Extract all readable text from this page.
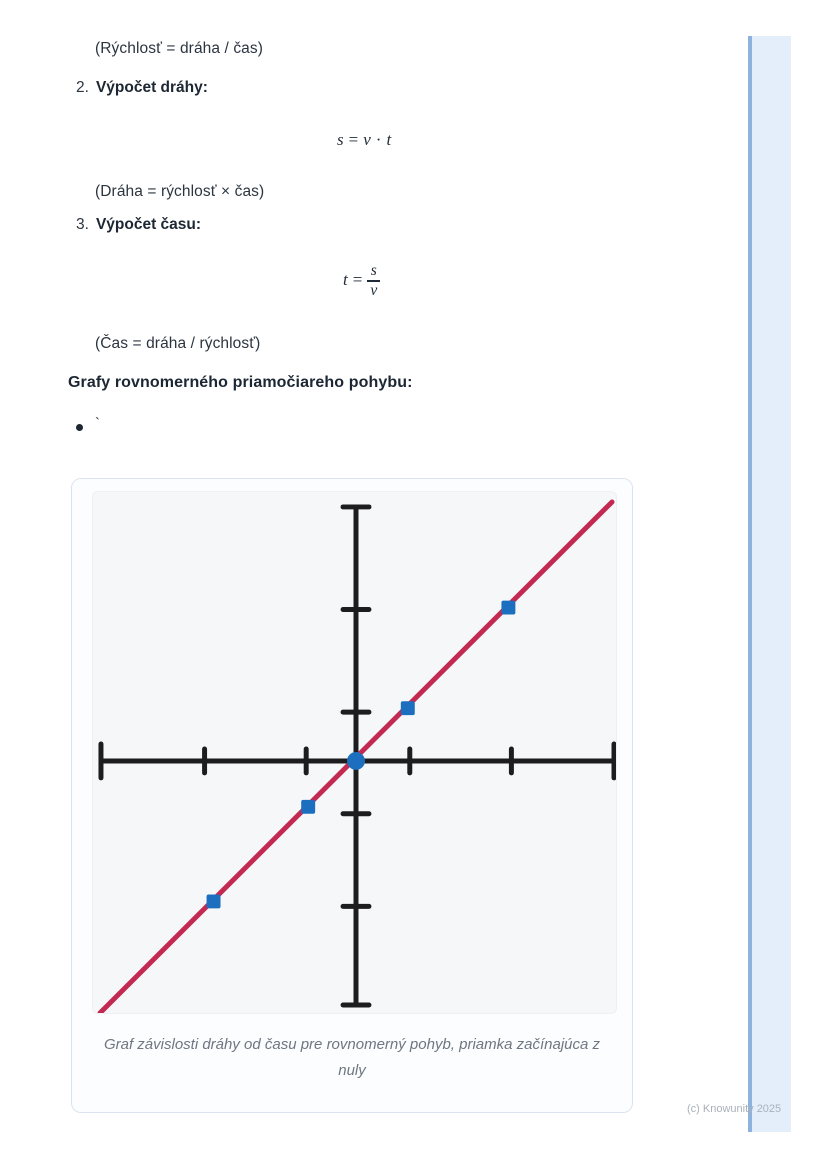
(Rýchlosť = dráha / čas)
2. Výpočet dráhy:
s = v · t
(Dráha = rýchlosť × čas)
3. Výpočet času:
$t = \frac{s}{v}$
(Čas = dráha / rýchlosť)
Grafy rovnomerného priamočiareho pohybu:
`
Graf závislosti dráhy od času pre rovnomerný pohyb, priamka začínajúca z nuly
(c) Knowunity 2025
